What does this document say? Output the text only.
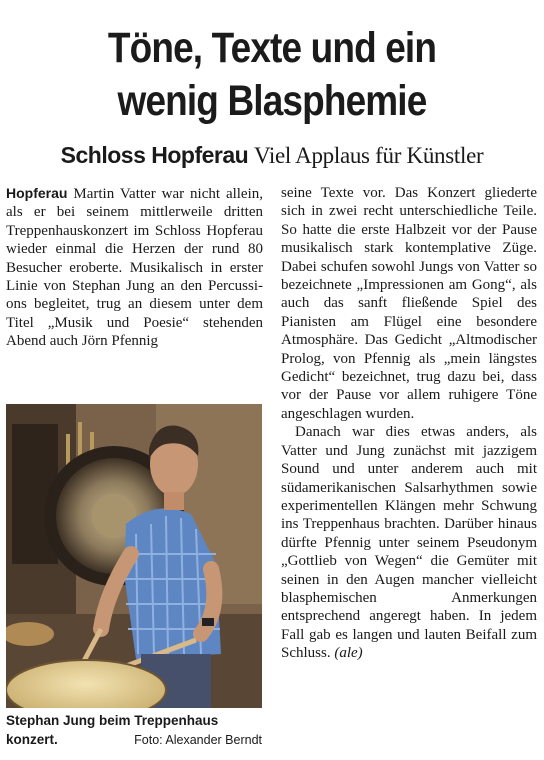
Töne, Texte und ein
wenig Blasphemie
Schloss Hopferau Viel Applaus für Künstler

Hopferau Martin Vatter war nicht allein, als er bei seinem mittlerweile dritten Treppenhauskonzert im Schloss Hopferau wieder einmal die Herzen der rund 80 Besucher eroberte. Musikalisch in erster Linie von Stephan Jung an den Percussions begleitet, trug an diesem unter dem Titel „Musik und Poesie“ stehenden Abend auch Jörn Pfennig

Stephan Jung beim Treppenhaus
konzert.	Foto: Alexander Berndt

seine Texte vor. Das Konzert gliederte sich in zwei recht unterschiedliche Teile. So hatte die erste Halbzeit vor der Pause musikalisch stark kontemplative Züge. Dabei schufen sowohl Jungs von Vatter so bezeichnete „Impressionen am Gong“, als auch das sanft fließende Spiel des Pianisten am Flügel eine besondere Atmosphäre. Das Gedicht „Altmodischer Prolog, von Pfennig als „mein längstes Gedicht“ bezeichnet, trug dazu bei, dass vor der Pause vor allem ruhigere Töne angeschlagen wurden.

Danach war dies etwas anders, als Vatter und Jung zunächst mit jazzigem Sound und unter anderem auch mit südamerikanischen Salsarhythmen sowie experimentellen Klängen mehr Schwung ins Treppenhaus brachten. Darüber hinaus dürfte Pfennig unter seinem Pseudonym „Gottlieb von Wegen“ die Gemüter mit seinen in den Augen mancher vielleicht blasphemischen Anmerkungen entsprechend angeregt haben. In jedem Fall gab es langen und lauten Beifall zum Schluss. (ale)
